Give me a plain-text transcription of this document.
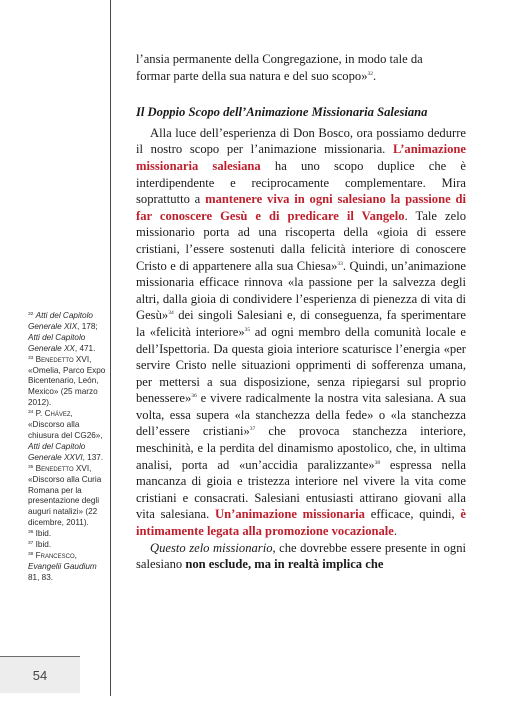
l’ansia permanente della Congregazione, in modo tale da
formar parte della sua natura e del suo scopo»$^{32}$.

Il Doppio Scopo dell’Animazione Missionaria Salesiana

Alla luce dell’esperienza di Don Bosco, ora possiamo dedurre il nostro scopo per l’animazione missionaria. L’animazione missionaria salesiana ha uno scopo duplice che è interdipendente e reciprocamente complementare. Mira soprattutto a mantenere viva in ogni salesiano la passione di far conoscere Gesù e di predicare il Vangelo. Tale zelo missionario porta ad una riscoperta della «gioia di essere cristiani, l’essere sostenuti dalla felicità interiore di conoscere Cristo e di appartenere alla sua Chiesa»$^{33}$. Quindi, un’animazione missionaria efficace rinnova «la passione per la salvezza degli altri, dalla gioia di condividere l’esperienza di pienezza di vita di Gesù»$^{34}$ dei singoli Salesiani e, di conseguenza, fa sperimentare la «felicità interiore»$^{35}$ ad ogni membro della comunità locale e dell’Ispettoria. Da questa gioia interiore scaturisce l’energia «per servire Cristo nelle situazioni opprimenti di sofferenza umana, per mettersi a sua disposizione, senza ripiegarsi sul proprio benessere»$^{36}$ e vivere radicalmente la nostra vita salesiana. A sua volta, essa supera «la stanchezza della fede» o «la stanchezza dell’essere cristiani»$^{37}$ che provoca stanchezza interiore, meschinità, e la perdita del dinamismo apostolico, che, in ultima analisi, porta ad «un’accidia paralizzante»$^{38}$ espressa nella mancanza di gioia e tristezza interiore nel vivere la vita come cristiani e consacrati. Salesiani entusiasti attirano giovani alla vita salesiana. Un’animazione missionaria efficace, quindi, è intimamente legata alla promozione vocazionale.

Questo zelo missionario, che dovrebbe essere presente in ogni salesiano non esclude, ma in realtà implica che

$^{32}$ Atti del Capitolo Generale XIX, 178; Atti del Capitolo Generale XX, 471.

$^{33}$ Benedetto XVI, «Omelia, Parco Expo Bicentenario, León, Mexico» (25 marzo 2012).

$^{34}$ P. Chávez, «Discorso alla chiusura del CG26», Atti del Capitolo Generale XXVI, 137.

$^{35}$ Benedetto XVI, «Discorso alla Curia Romana per la presentazione degli auguri natalizi» (22 dicembre, 2011).

$^{36}$ Ibid.

$^{37}$ Ibid.

$^{38}$ Francesco, Evangelii Gaudium 81, 83.

54
